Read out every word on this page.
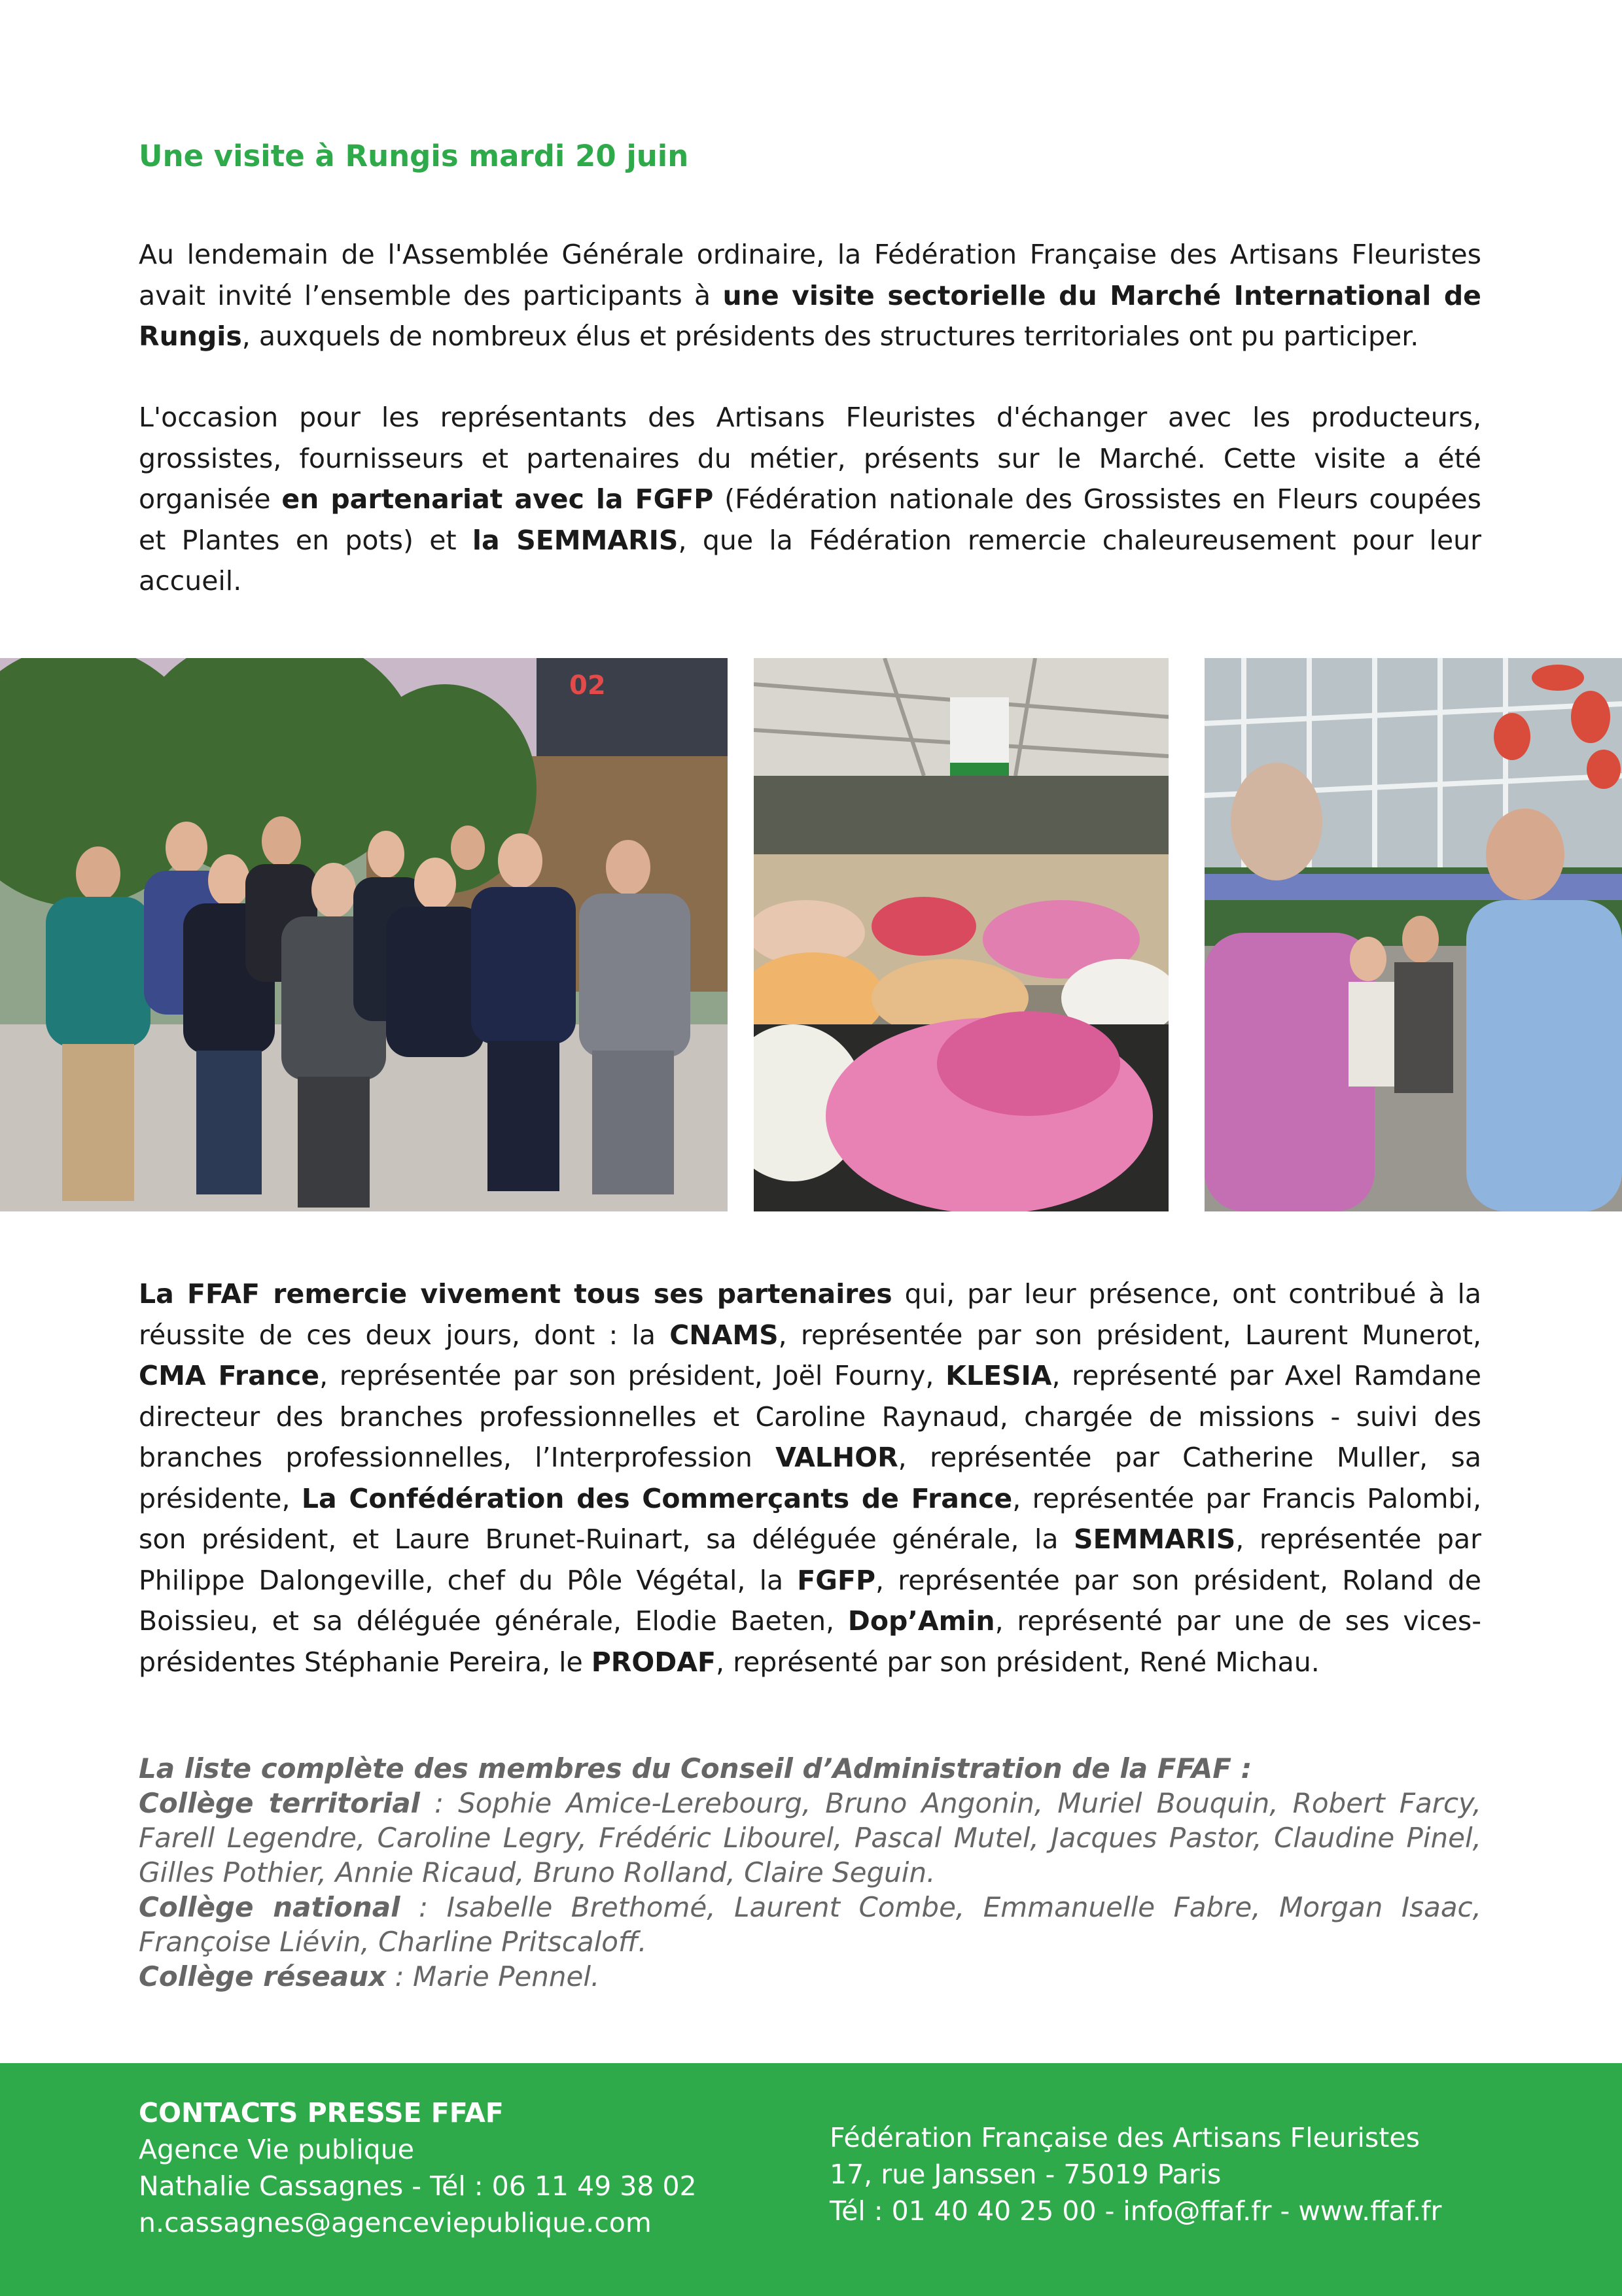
Une visite à Rungis mardi 20 juin

Au lendemain de l'Assemblée Générale ordinaire, la Fédération Française des Artisans Fleuristes avait invité l’ensemble des participants à une visite sectorielle du Marché International de Rungis, auxquels de nombreux élus et présidents des structures territoriales ont pu participer.

L'occasion pour les représentants des Artisans Fleuristes d'échanger avec les producteurs, grossistes, fournisseurs et partenaires du métier, présents sur le Marché. Cette visite a été organisée en partenariat avec la FGFP (Fédération nationale des Grossistes en Fleurs coupées et Plantes en pots) et la SEMMARIS, que la Fédération remercie chaleureusement pour leur accueil.

02

La FFAF remercie vivement tous ses partenaires qui, par leur présence, ont contribué à la réussite de ces deux jours, dont : la CNAMS, représentée par son président, Laurent Munerot, CMA France, représentée par son président, Joël Fourny, KLESIA, représenté par Axel Ramdane directeur des branches professionnelles et Caroline Raynaud, chargée de missions - suivi des branches professionnelles, l’Interprofession VALHOR, représentée par Catherine Muller, sa présidente, La Confédération des Commerçants de France, représentée par Francis Palombi, son président, et Laure Brunet-Ruinart, sa déléguée générale, la SEMMARIS, représentée par Philippe Dalongeville, chef du Pôle Végétal, la FGFP, représentée par son président, Roland de Boissieu, et sa déléguée générale, Elodie Baeten, Dop’Amin, représenté par une de ses vices-présidentes Stéphanie Pereira, le PRODAF, représenté par son président, René Michau.

La liste complète des membres du Conseil d’Administration de la FFAF :
Collège territorial : Sophie Amice-Lerebourg, Bruno Angonin, Muriel Bouquin, Robert Farcy, Farell Legendre, Caroline Legry, Frédéric Libourel, Pascal Mutel, Jacques Pastor, Claudine Pinel, Gilles Pothier, Annie Ricaud, Bruno Rolland, Claire Seguin.
Collège national : Isabelle Brethomé, Laurent Combe, Emmanuelle Fabre, Morgan Isaac, Françoise Liévin, Charline Pritscaloff.
Collège réseaux : Marie Pennel.
CONTACTS PRESSE FFAF
Agence Vie publique
Nathalie Cassagnes - Tél : 06 11 49 38 02
n.cassagnes@agenceviepublique.com
Fédération Française des Artisans Fleuristes
17, rue Janssen - 75019 Paris
Tél : 01 40 40 25 00 - info@ffaf.fr - www.ffaf.fr
